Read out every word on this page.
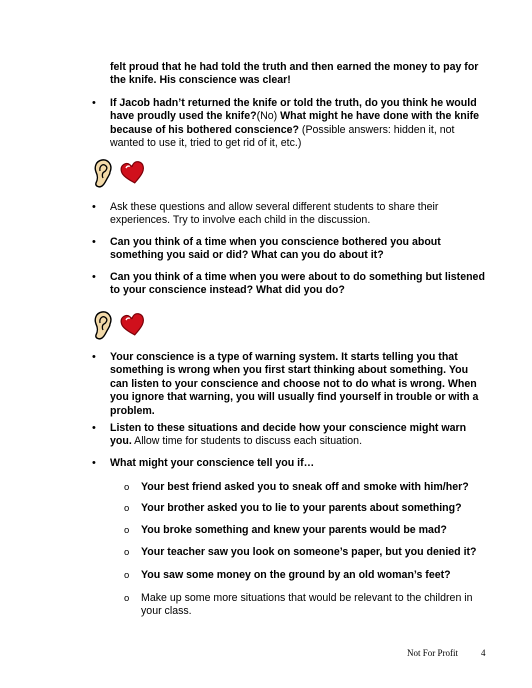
felt proud that he had told the truth and then earned the money to pay for the knife. His conscience was clear!
• If Jacob hadn’t returned the knife or told the truth, do you think he would have proudly used the knife?(No) What might he have done with the knife because of his bothered conscience? (Possible answers: hidden it, not wanted to use it, tried to get rid of it, etc.)
• Ask these questions and allow several different students to share their experiences. Try to involve each child in the discussion.
• Can you think of a time when you conscience bothered you about something you said or did? What can you do about it?
• Can you think of a time when you were about to do something but listened to your conscience instead? What did you do?
• Your conscience is a type of warning system. It starts telling you that something is wrong when you first start thinking about something. You can listen to your conscience and choose not to do what is wrong. When you ignore that warning, you will usually find yourself in trouble or with a problem.
• Listen to these situations and decide how your conscience might warn you. Allow time for students to discuss each situation.
• What might your conscience tell you if…
o Your best friend asked you to sneak off and smoke with him/her?
o Your brother asked you to lie to your parents about something?
o You broke something and knew your parents would be mad?
o Your teacher saw you look on someone’s paper, but you denied it?
o You saw some money on the ground by an old woman’s feet?
o Make up some more situations that would be relevant to the children in your class.
Not For Profit	4
